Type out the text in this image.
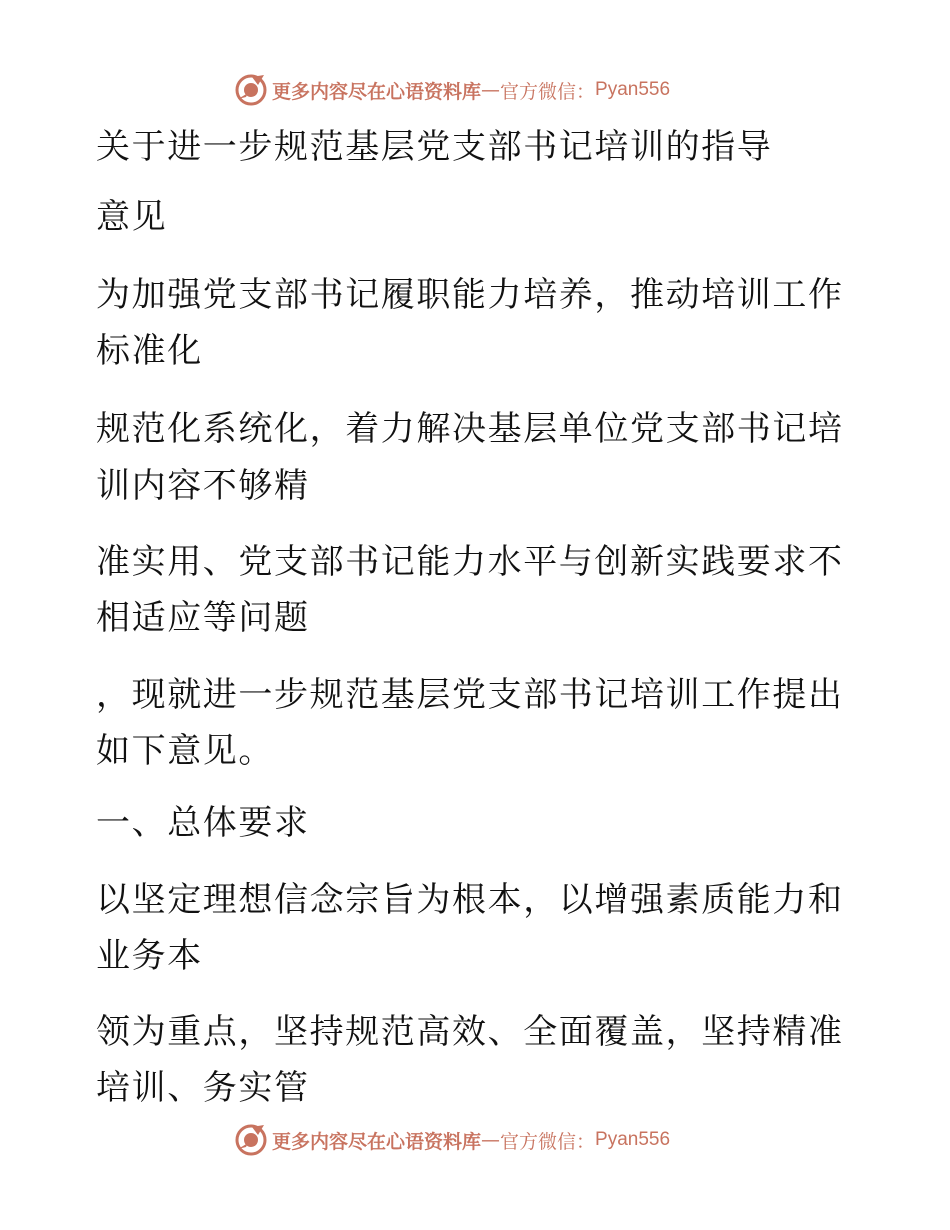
更多内容尽在心语资料库 — 官方微信： Pyan556

关于进一步规范基层党支部书记培训的指导

意见

为加强党支部书记履职能力培养，推动培训工作

标准化

规范化系统化，着力解决基层单位党支部书记培

训内容不够精

准实用、党支部书记能力水平与创新实践要求不

相适应等问题

，现就进一步规范基层党支部书记培训工作提出

如下意见。

一、总体要求

以坚定理想信念宗旨为根本，以增强素质能力和

业务本

领为重点，坚持规范高效、全面覆盖，坚持精准

培训、务实管

更多内容尽在心语资料库 — 官方微信： Pyan556
